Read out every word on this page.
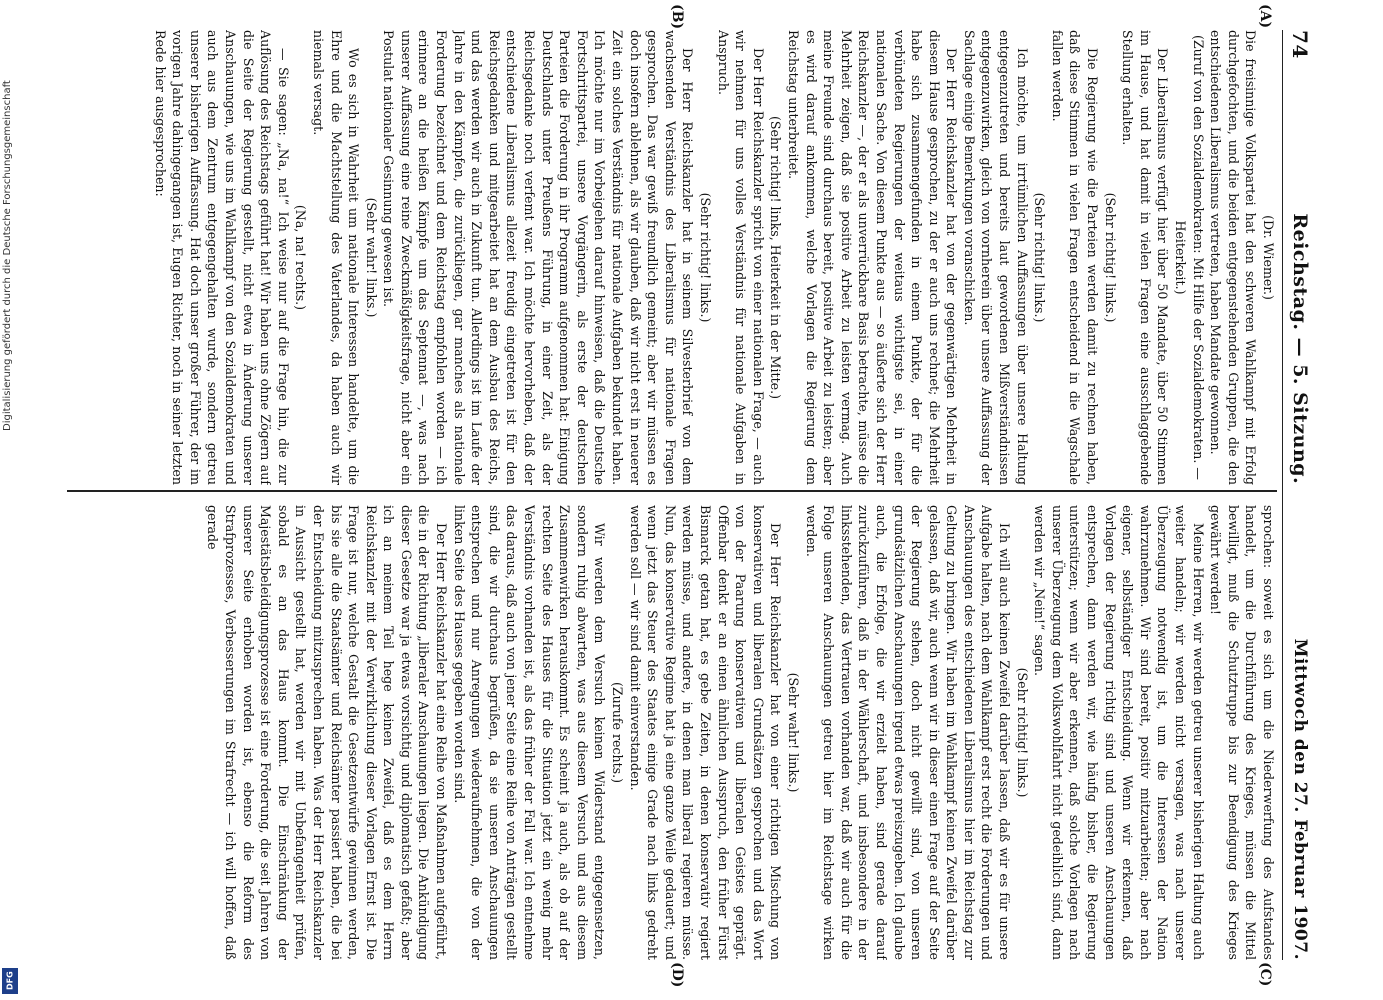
Digitalisierung gefördert durch die Deutsche Forschungsgemeinschaft
DFG
74
Reichstag. — 5. Sitzung.
Mittwoch den 27. Februar 1907.

(Dr. Wiemer.)

Die freisinnige Volkspartei hat den schweren Wahlkampf mit Erfolg durchgefochten, und die beiden entgegenstehenden Gruppen, die den entschiedenen Liberalismus vertreten, haben Mandate gewonnen.

(Zuruf von den Sozialdemokraten: Mit Hilfe der Sozialdemokraten. — Heiterkeit.)

Der Liberalismus verfügt hier über 50 Mandate, über 50 Stimmen im Hause, und hat damit in vielen Fragen eine ausschlaggebende Stellung erhalten.

(Sehr richtig! links.)

Die Regierung wie die Parteien werden damit zu rechnen haben, daß diese Stimmen in vielen Fragen entscheidend in die Wagschale fallen werden.

(Sehr richtig! links.)

Ich möchte, um irrtümlichen Auffassungen über unsere Haltung entgegenzutreten und bereits laut gewordenen Mißverständnissen entgegenzuwirken, gleich von vornherein über unsere Auffassung der Sachlage einige Bemerkungen voranschicken.

Der Herr Reichskanzler hat von der gegenwärtigen Mehrheit in diesem Hause gesprochen, zu der er auch uns rechnet; die Mehrheit habe sich zusammengefunden in einem Punkte, der für die verbündeten Regierungen der weitaus wichtigste sei, in einer nationalen Sache. Von diesem Punkte aus — so äußerte sich der Herr Reichskanzler —, der er als unverrückbare Basis betrachte, müsse die Mehrheit zeigen, daß sie positive Arbeit zu leisten vermag. Auch meine Freunde sind durchaus bereit, positive Arbeit zu leisten; aber es wird darauf ankommen, welche Vorlagen die Regierung dem Reichstag unterbreitet.

(Sehr richtig! links, Heiterkeit in der Mitte.)

Der Herr Reichskanzler spricht von einer nationalen Frage, — auch wir nehmen für uns volles Verständnis für nationale Aufgaben in Anspruch.

(Sehr richtig! links.)

Der Herr Reichskanzler hat in seinem Silvesterbrief von dem wachsenden Verständnis des Liberalismus für nationale Fragen gesprochen. Das war gewiß freundlich gemeint; aber wir müssen es doch insofern ablehnen, als wir glauben, daß wir nicht erst in neuerer Zeit ein solches Verständnis für nationale Aufgaben bekundet haben. Ich möchte nur im Vorbeigehen darauf hinweisen, daß die Deutsche Fortschrittspartei, unsere Vorgängerin, als erste der deutschen Parteien die Forderung in ihr Programm aufgenommen hat: Einigung Deutschlands unter Preußens Führung, in einer Zeit, als der Reichsgedanke noch verfemt war. Ich möchte hervorheben, daß der entschiedene Liberalismus allezeit freudig eingetreten ist für den Reichsgedanken und mitgearbeitet hat an dem Ausbau des Reichs, und das werden wir auch in Zukunft tun. Allerdings ist im Laufe der Jahre in den Kämpfen, die zurückliegen, gar manches als nationale Forderung bezeichnet und dem Reichstag empfohlen worden — ich erinnere an die heißen Kämpfe um das Septennat —, was nach unserer Auffassung eine reine Zweckmäßigkeitsfrage, nicht aber ein Postulat nationaler Gesinnung gewesen ist.

(Sehr wahr! links.)

Wo es sich in Wahrheit um nationale Interessen handelte, um die Ehre und die Machtstellung des Vaterlandes, da haben auch wir niemals versagt.

(Na, na! rechts.)

— Sie sagen: „Na, na!“ Ich weise nur auf die Frage hin, die zur Auflösung des Reichstags geführt hat! Wir haben uns ohne Zögern auf die Seite der Regierung gestellt, nicht etwa in Änderung unserer Anschauungen, wie uns im Wahlkampf von den Sozialdemokraten und auch aus dem Zentrum entgegengehalten wurde, sondern getreu unserer bisherigen Auffassung. Hat doch unser großer Führer, der im vorigen Jahre dahingegangen ist, Eugen Richter, noch in seiner letzten Rede hier ausgesprochen:

sprochen: soweit es sich um die Niederwerfung des Aufstandes handelt, um die Durchführung des Krieges, müssen die Mittel bewilligt, muß die Schutztruppe bis zur Beendigung des Krieges gewährt werden!

Meine Herren, wir werden getreu unserer bisherigen Haltung auch weiter handeln; wir werden nicht versagen, was nach unserer Überzeugung notwendig ist, um die Interessen der Nation wahrzunehmen. Wir sind bereit, positiv mitzuarbeiten; aber nach eigener, selbständiger Entscheidung. Wenn wir erkennen, daß Vorlagen der Regierung richtig sind und unseren Anschauungen entsprechen, dann werden wir, wie häufig bisher, die Regierung unterstützen; wenn wir aber erkennen, daß solche Vorlagen nach unserer Überzeugung dem Volkswohlfahrt nicht gedeihlich sind, dann werden wir „Nein!“ sagen.

(Sehr richtig! links.)

Ich will auch keinen Zweifel darüber lassen, daß wir es für unsere Aufgabe halten, nach dem Wahlkampf erst recht die Forderungen und Anschauungen des entschiedenen Liberalismus hier im Reichstag zur Geltung zu bringen. Wir haben im Wahlkampf keinen Zweifel darüber gelassen, daß wir, auch wenn wir in dieser einen Frage auf der Seite der Regierung stehen, doch nicht gewillt sind, von unseren grundsätzlichen Anschauungen irgend etwas preiszugeben. Ich glaube auch, die Erfolge, die wir erzielt haben, sind gerade darauf zurückzuführen, daß in der Wählerschaft, und insbesondere in der linksstehenden, das Vertrauen vorhanden war, daß wir auch für die Folge unseren Anschauungen getreu hier im Reichstage wirken werden.

(Sehr wahr! links.)

Der Herr Reichskanzler hat von einer richtigen Mischung von konservativen und liberalen Grundsätzen gesprochen und das Wort von der Paarung konservativen und liberalen Geistes geprägt. Offenbar denkt er an einen ähnlichen Ausspruch, den früher Fürst Bismarck getan hat, es gebe Zeiten, in denen konservativ regiert werden müsse, und andere, in denen man liberal regieren müsse. Nun, das konservative Regime hat ja eine ganze Weile gedauert; und wenn jetzt das Steuer des Staates einige Grade nach links gedreht werden soll — wir sind damit einverstanden.

(Zurufe rechts.)

Wir werden dem Versuch keinen Widerstand entgegensetzen, sondern ruhig abwarten, was aus diesem Versuch und aus diesem Zusammenwirken herauskommt. Es scheint ja auch, als ob auf der rechten Seite des Hauses für die Situation jetzt ein wenig mehr Verständnis vorhanden ist, als das früher der Fall war. Ich entnehme das daraus, daß auch von jener Seite eine Reihe von Anträgen gestellt sind, die wir durchaus begrüßen, da sie unseren Anschauungen entsprechen und nur Anregungen wiederaufnehmen, die von der linken Seite des Hauses gegeben worden sind.

Der Herr Reichskanzler hat eine Reihe von Maßnahmen aufgeführt, die in der Richtung „liberaler Anschauungen liegen. Die Ankündigung dieser Gesetze war ja etwas vorsichtig und diplomatisch gefaßt; aber ich an meinem Teil hege keinen Zweifel, daß es dem Herrn Reichskanzler mit der Verwirklichung dieser Vorlagen Ernst ist. Die Frage ist nur, welche Gestalt die Gesetzentwürfe gewinnen werden, bis sie alle die Staatsämter und Reichsämter passiert haben, die bei der Entscheidung mitzusprechen haben. Was der Herr Reichskanzler in Aussicht gestellt hat, werden wir mit Unbefangenheit prüfen, sobald es an das Haus kommt. Die Einschränkung der Majestätsbeleidigungsprozesse ist eine Forderung, die seit Jahren von unserer Seite erhoben worden ist, ebenso die Reform des Strafprozesses, Verbesserungen im Strafrecht — ich will hoffen, daß gerade

(A)
(B)
(C)
(D)
